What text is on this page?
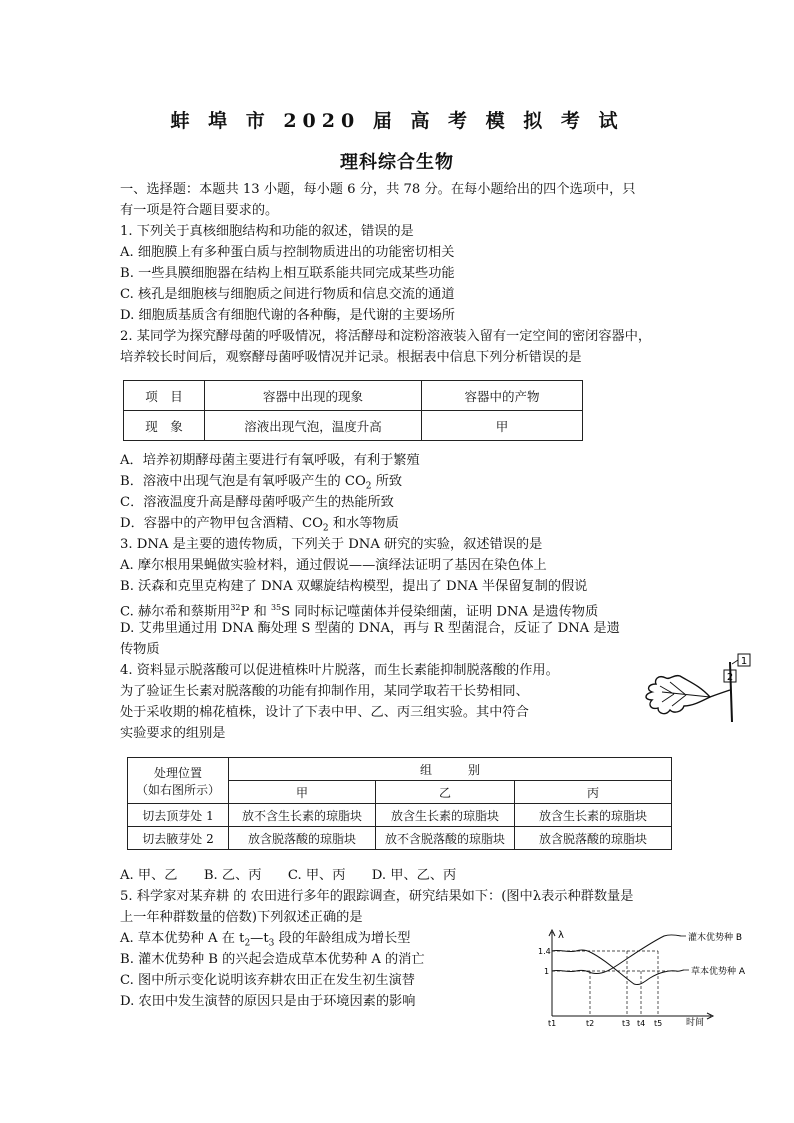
蚌 埠 市 2020 届 高 考 模 拟 考 试
理科综合生物
一、选择题：本题共 13 小题，每小题 6 分，共 78 分。在每小题给出的四个选项中，只
有一项是符合题目要求的。
1. 下列关于真核细胞结构和功能的叙述，错误的是
A. 细胞膜上有多种蛋白质与控制物质进出的功能密切相关
B. 一些具膜细胞器在结构上相互联系能共同完成某些功能
C. 核孔是细胞核与细胞质之间进行物质和信息交流的通道
D. 细胞质基质含有细胞代谢的各种酶，是代谢的主要场所
2. 某同学为探究酵母菌的呼吸情况，将活酵母和淀粉溶液装入留有一定空间的密闭容器中，
培养较长时间后，观察酵母菌呼吸情况并记录。根据表中信息下列分析错误的是
项　目	容器中出现的现象	容器中的产物
现　象	溶液出现气泡，温度升高	甲
A．培养初期酵母菌主要进行有氧呼吸，有利于繁殖
B．溶液中出现气泡是有氧呼吸产生的 $CO_2$ 所致
C．溶液温度升高是酵母菌呼吸产生的热能所致
D．容器中的产物甲包含酒精、$CO_2$ 和水等物质
3. DNA 是主要的遗传物质，下列关于 DNA 研究的实验，叙述错误的是
A. 摩尔根用果蝇做实验材料，通过假说——演绎法证明了基因在染色体上
B. 沃森和克里克构建了 DNA 双螺旋结构模型，提出了 DNA 半保留复制的假说
C. 赫尔希和蔡斯用$^{32}$P 和 $^{35}$S 同时标记噬菌体并侵染细菌，证明 DNA 是遗传物质
D. 艾弗里通过用 DNA 酶处理 S 型菌的 DNA，再与 R 型菌混合，反证了 DNA 是遗
传物质
4. 资料显示脱落酸可以促进植株叶片脱落，而生长素能抑制脱落酸的作用。
为了验证生长素对脱落酸的功能有抑制作用，某同学取若干长势相同、
处于采收期的棉花植株，设计了下表中甲、乙、丙三组实验。其中符合
实验要求的组别是
1
2
处理位置
（如右图所示）	组　　　别		
	甲	乙	丙
切去顶芽处 1	放不含生长素的琼脂块	放含生长素的琼脂块	放含生长素的琼脂块
切去腋芽处 2	放含脱落酸的琼脂块	放不含脱落酸的琼脂块	放含脱落酸的琼脂块
A. 甲、乙　　B. 乙、丙　　C. 甲、丙　　D. 甲、乙、丙
5. 科学家对某弃耕 的 农田进行多年的跟踪调查，研究结果如下：(图中λ表示种群数量是
上一年种群数量的倍数)下列叙述正确的是
A. 草本优势种 A 在 $t_2—t_3$ 段的年龄组成为增长型
B. 灌木优势种 B 的兴起会造成草本优势种 A 的消亡
C. 图中所示变化说明该弃耕农田正在发生初生演替
D. 农田中发生演替的原因只是由于环境因素的影响
λ
1.4
1
时间
灌木优势种 B
草本优势种 A
t1	t2	t3 t4 t5
